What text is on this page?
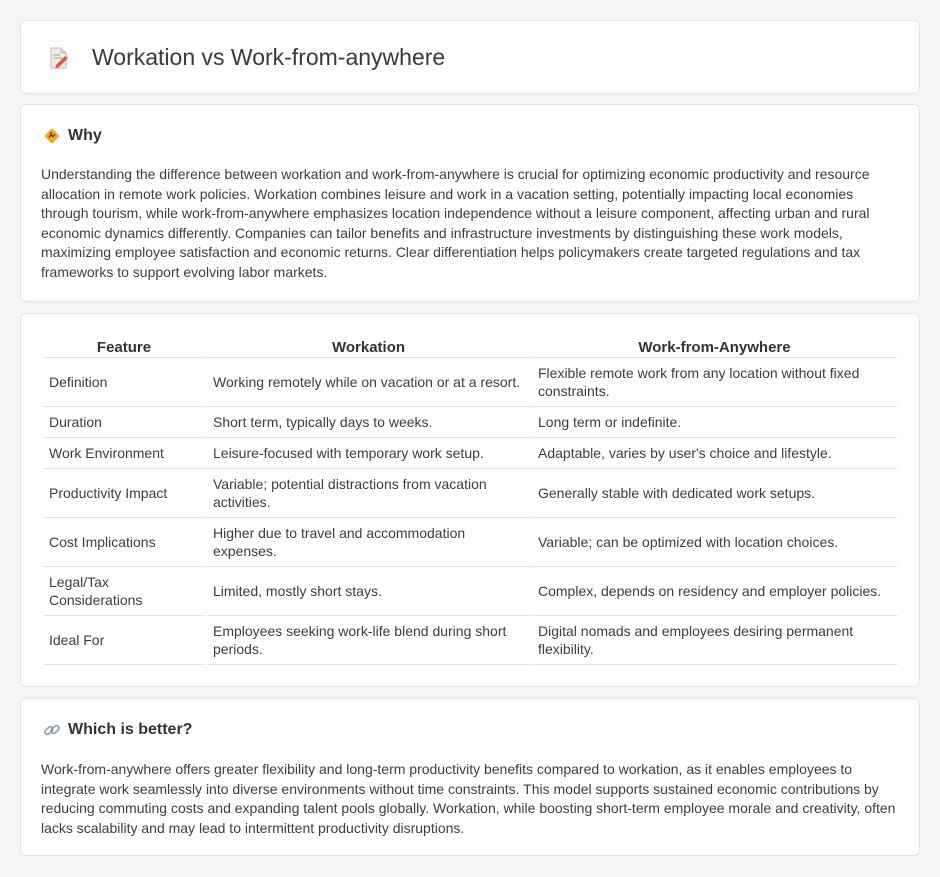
Workation vs Work-from-anywhere
Why

Understanding the difference between workation and work-from-anywhere is crucial for optimizing economic productivity and resource allocation in remote work policies. Workation combines leisure and work in a vacation setting, potentially impacting local economies through tourism, while work-from-anywhere emphasizes location independence without a leisure component, affecting urban and rural economic dynamics differently. Companies can tailor benefits and infrastructure investments by distinguishing these work models, maximizing employee satisfaction and economic returns. Clear differentiation helps policymakers create targeted regulations and tax frameworks to support evolving labor markets.

Feature	Workation	Work-from-Anywhere
Definition	Working remotely while on vacation or at a resort.	Flexible remote work from any location without fixed constraints.
Duration	Short term, typically days to weeks.	Long term or indefinite.
Work Environment	Leisure-focused with temporary work setup.	Adaptable, varies by user's choice and lifestyle.
Productivity Impact	Variable; potential distractions from vacation activities.	Generally stable with dedicated work setups.
Cost Implications	Higher due to travel and accommodation expenses.	Variable; can be optimized with location choices.
Legal/Tax Considerations	Limited, mostly short stays.	Complex, depends on residency and employer policies.
Ideal For	Employees seeking work-life blend during short periods.	Digital nomads and employees desiring permanent flexibility.
Which is better?

Work-from-anywhere offers greater flexibility and long-term productivity benefits compared to workation, as it enables employees to integrate work seamlessly into diverse environments without time constraints. This model supports sustained economic contributions by reducing commuting costs and expanding talent pools globally. Workation, while boosting short-term employee morale and creativity, often lacks scalability and may lead to intermittent productivity disruptions.
